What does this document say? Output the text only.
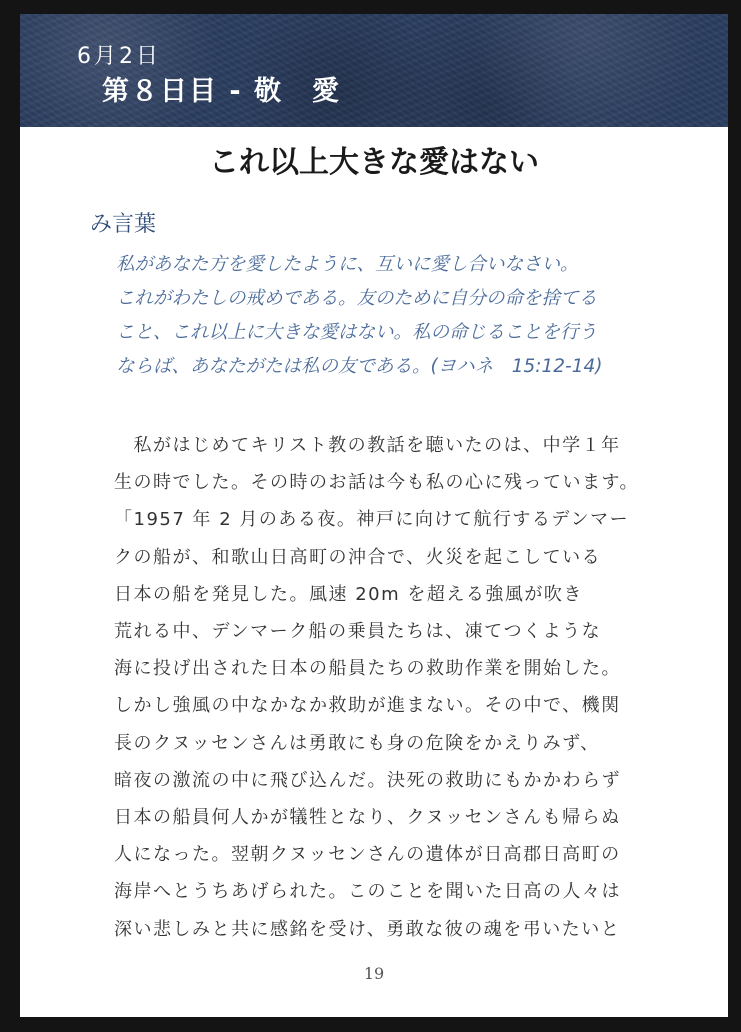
6月2日
第８日目 - 敬　愛
これ以上大きな愛はない
み言葉
私があなた方を愛したように、互いに愛し合いなさい。
これがわたしの戒めである。友のために自分の命を捨てる
こと、これ以上に大きな愛はない。私の命じることを行う
ならば、あなたがたは私の友である。(ヨハネ　15:12-14)
　私がはじめてキリスト教の教話を聴いたのは、中学１年
生の時でした。その時のお話は今も私の心に残っています。
「1957 年 2 月のある夜。神戸に向けて航行するデンマー
クの船が、和歌山日高町の沖合で、火災を起こしている
日本の船を発見した。風速 20m を超える強風が吹き
荒れる中、デンマーク船の乗員たちは、凍てつくような
海に投げ出された日本の船員たちの救助作業を開始した。
しかし強風の中なかなか救助が進まない。その中で、機関
長のクヌッセンさんは勇敢にも身の危険をかえりみず、
暗夜の激流の中に飛び込んだ。決死の救助にもかかわらず
日本の船員何人かが犠牲となり、クヌッセンさんも帰らぬ
人になった。翌朝クヌッセンさんの遺体が日高郡日高町の
海岸へとうちあげられた。このことを聞いた日高の人々は
深い悲しみと共に感銘を受け、勇敢な彼の魂を弔いたいと
19
